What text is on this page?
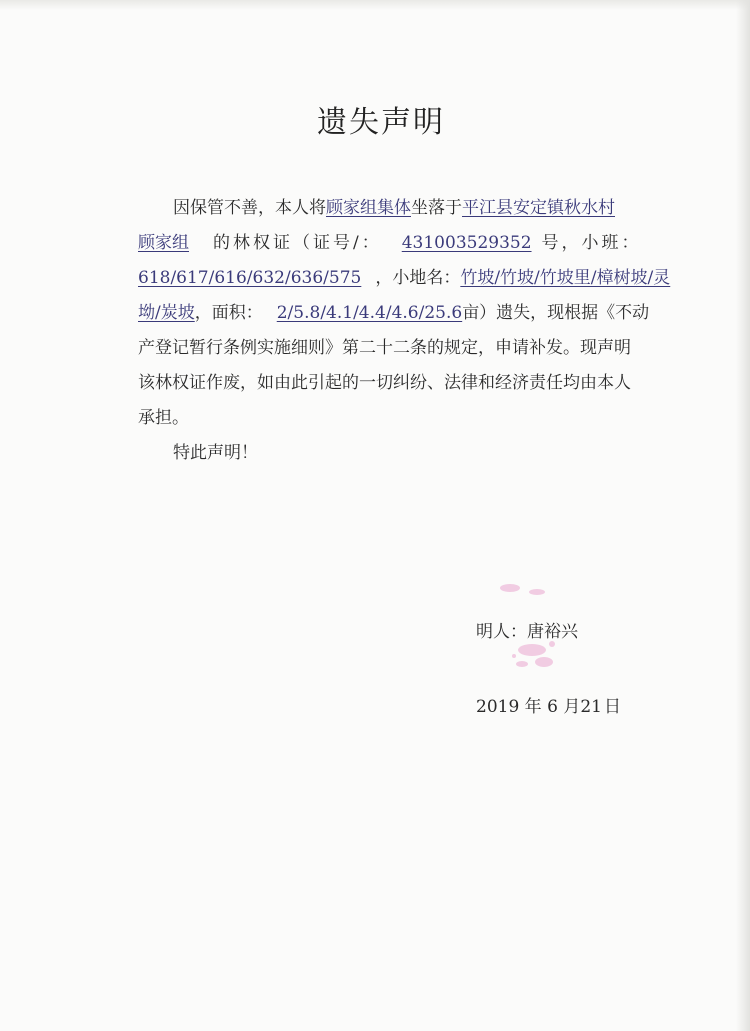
遗失声明
因保管不善，本人将顾家组集体坐落于平江县安定镇秋水村
顾家组 的林权证（证号/： 431003529352 号，小班：
618/617/616/632/636/575 ，小地名：竹坡/竹坡/竹坡里/樟树坡/灵
坳/炭坡，面积： 2/5.8/4.1/4.4/4.6/25.6亩）遗失，现根据《不动
产登记暂行条例实施细则》第二十二条的规定，申请补发。现声明
该林权证作废，如由此引起的一切纠纷、法律和经济责任均由本人
承担。
特此声明！
明人：唐裕兴
2019 年 6 月21 日
